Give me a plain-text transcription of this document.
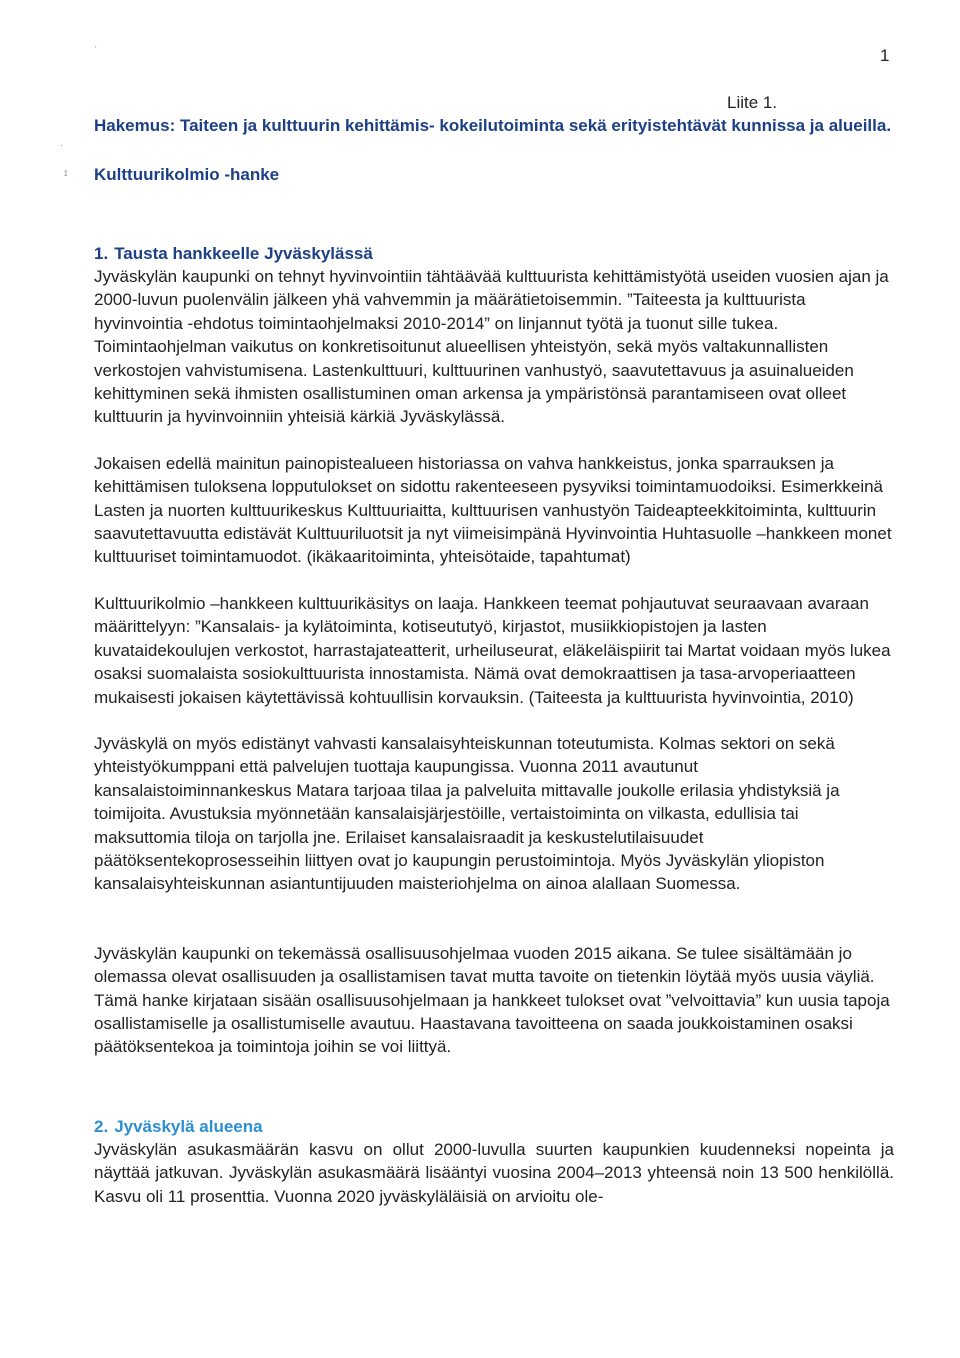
ˋ
·
ɪ
1
Liite 1.
Hakemus: Taiteen ja kulttuurin kehittämis- kokeilutoiminta sekä erityistehtävät kunnissa ja alueilla.
Kulttuurikolmio -hanke
1. Tausta hankkeelle Jyväskylässä

Jyväskylän kaupunki on tehnyt hyvinvointiin tähtäävää kulttuurista kehittämistyötä useiden vuosien ajan ja 2000-luvun puolenvälin jälkeen yhä vahvemmin ja määrätietoisemmin. ”Taiteesta ja kulttuurista hyvinvointia -ehdotus toimintaohjelmaksi 2010-2014” on linjannut työtä ja tuonut sille tukea. Toimintaohjelman vaikutus on konkretisoitunut alueellisen yhteistyön, sekä myös valtakunnallisten verkostojen vahvistumisena. Lastenkulttuuri, kulttuurinen vanhustyö, saavutettavuus ja asuinalueiden kehittyminen sekä ihmisten osallistuminen oman arkensa ja ympäristönsä parantamiseen ovat olleet kulttuurin ja hyvinvoinniin yhteisiä kärkiä Jyväskylässä.

Jokaisen edellä mainitun painopistealueen historiassa on vahva hankkeistus, jonka sparrauksen ja kehittämisen tuloksena lopputulokset on sidottu rakenteeseen pysyviksi toimintamuodoiksi. Esimerkkeinä Lasten ja nuorten kulttuurikeskus Kulttuuriaitta, kulttuurisen vanhustyön Taideapteekkitoiminta, kulttuurin saavutettavuutta edistävät Kulttuuriluotsit ja nyt viimeisimpänä Hyvinvointia Huhtasuolle –hankkeen monet kulttuuriset toimintamuodot. (ikäkaaritoiminta, yhteisötaide, tapahtumat)

Kulttuurikolmio –hankkeen kulttuurikäsitys on laaja. Hankkeen teemat pohjautuvat seuraavaan avaraan määrittelyyn: ”Kansalais- ja kylätoiminta, kotiseututyö, kirjastot, musiikkiopistojen ja lasten kuvataidekoulujen verkostot, harrastajateatterit, urheiluseurat, eläkeläispiirit tai Martat voidaan myös lukea osaksi suomalaista sosiokulttuurista innostamista. Nämä ovat demokraattisen ja tasa-arvoperiaatteen mukaisesti jokaisen käytettävissä kohtuullisin korvauksin. (Taiteesta ja kulttuurista hyvinvointia, 2010)

Jyväskylä on myös edistänyt vahvasti kansalaisyhteiskunnan toteutumista. Kolmas sektori on sekä yhteistyökumppani että palvelujen tuottaja kaupungissa. Vuonna 2011 avautunut kansalaistoiminnankeskus Matara tarjoaa tilaa ja palveluita mittavalle joukolle erilasia yhdistyksiä ja toimijoita. Avustuksia myönnetään kansalaisjärjestöille, vertaistoiminta on vilkasta, edullisia tai maksuttomia tiloja on tarjolla jne. Erilaiset kansalaisraadit ja keskustelutilaisuudet päätöksentekoprosesseihin liittyen ovat jo kaupungin perustoimintoja. Myös Jyväskylän yliopiston kansalaisyhteiskunnan asiantuntijuuden maisteriohjelma on ainoa alallaan Suomessa.

Jyväskylän kaupunki on tekemässä osallisuusohjelmaa vuoden 2015 aikana. Se tulee sisältämään jo olemassa olevat osallisuuden ja osallistamisen tavat mutta tavoite on tietenkin löytää myös uusia väyliä. Tämä hanke kirjataan sisään osallisuusohjelmaan ja hankkeet tulokset ovat ”velvoittavia” kun uusia tapoja osallistamiselle ja osallistumiselle avautuu. Haastavana tavoitteena on saada joukkoistaminen osaksi päätöksentekoa ja toimintoja joihin se voi liittyä.

2. Jyväskylä alueena

Jyväskylän asukasmäärän kasvu on ollut 2000-luvulla suurten kaupunkien kuudenneksi nopeinta ja näyttää jatkuvan. Jyväskylän asukasmäärä lisääntyi vuosina 2004–2013 yhteensä noin 13 500 henkilöllä. Kasvu oli 11 prosenttia. Vuonna 2020 jyväskyläläisiä on arvioitu ole-
